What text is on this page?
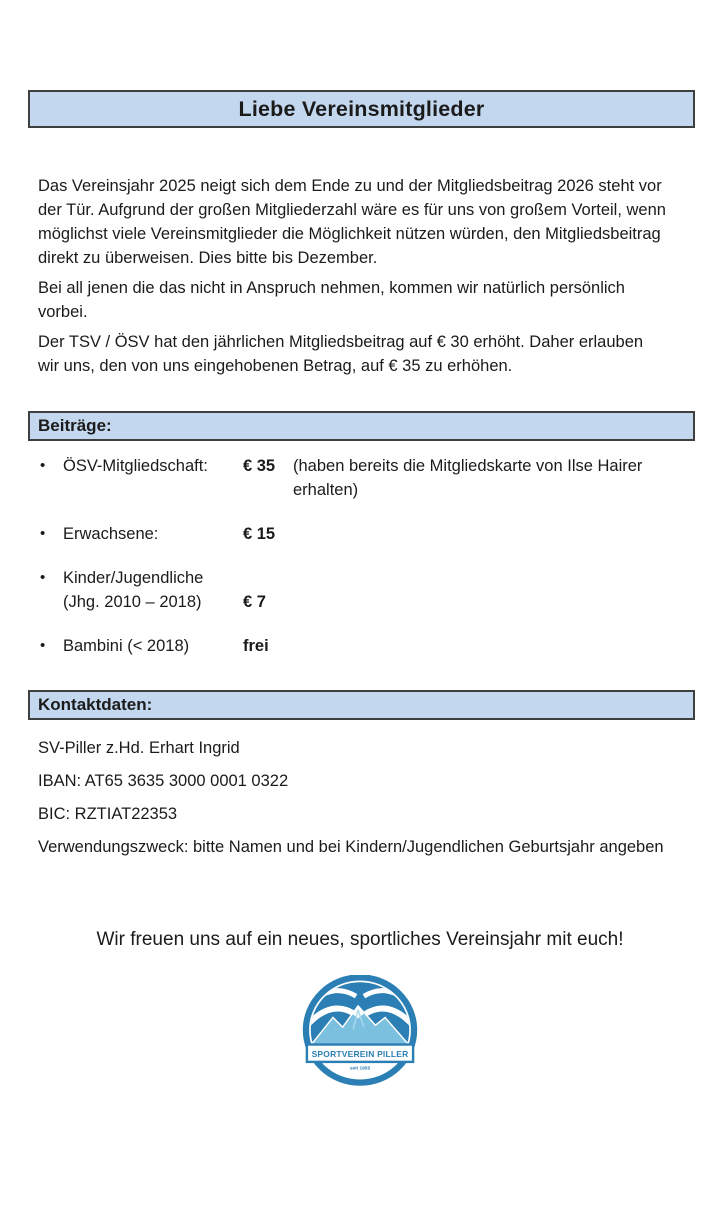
Liebe Vereinsmitglieder

Das Vereinsjahr 2025 neigt sich dem Ende zu und der Mitgliedsbeitrag 2026 steht vor der Tür. Aufgrund der großen Mitgliederzahl wäre es für uns von großem Vorteil, wenn möglichst viele Vereinsmitglieder die Möglichkeit nützen würden, den Mitgliedsbeitrag direkt zu überweisen. Dies bitte bis Dezember.

Bei all jenen die das nicht in Anspruch nehmen, kommen wir natürlich persönlich vorbei.

Der TSV / ÖSV hat den jährlichen Mitgliedsbeitrag auf € 30 erhöht. Daher erlauben wir uns, den von uns eingehobenen Betrag, auf € 35 zu erhöhen.

Beiträge:
•	ÖSV-Mitgliedschaft:	€ 35	(haben bereits die Mitgliedskarte von Ilse Hairer erhalten)
•	Erwachsene:	€ 15
•	Kinder/Jugendliche
(Jhg. 2010 – 2018)	€ 7
•	Bambini (< 2018)	frei
Kontaktdaten:

SV-Piller z.Hd. Erhart Ingrid

IBAN: AT65 3635 3000 0001 0322

BIC: RZTIAT22353

Verwendungszweck: bitte Namen und bei Kindern/Jugendlichen Geburtsjahr angeben

Wir freuen uns auf ein neues, sportliches Vereinsjahr mit euch!
SPORTVEREIN PILLER
seit 1955
